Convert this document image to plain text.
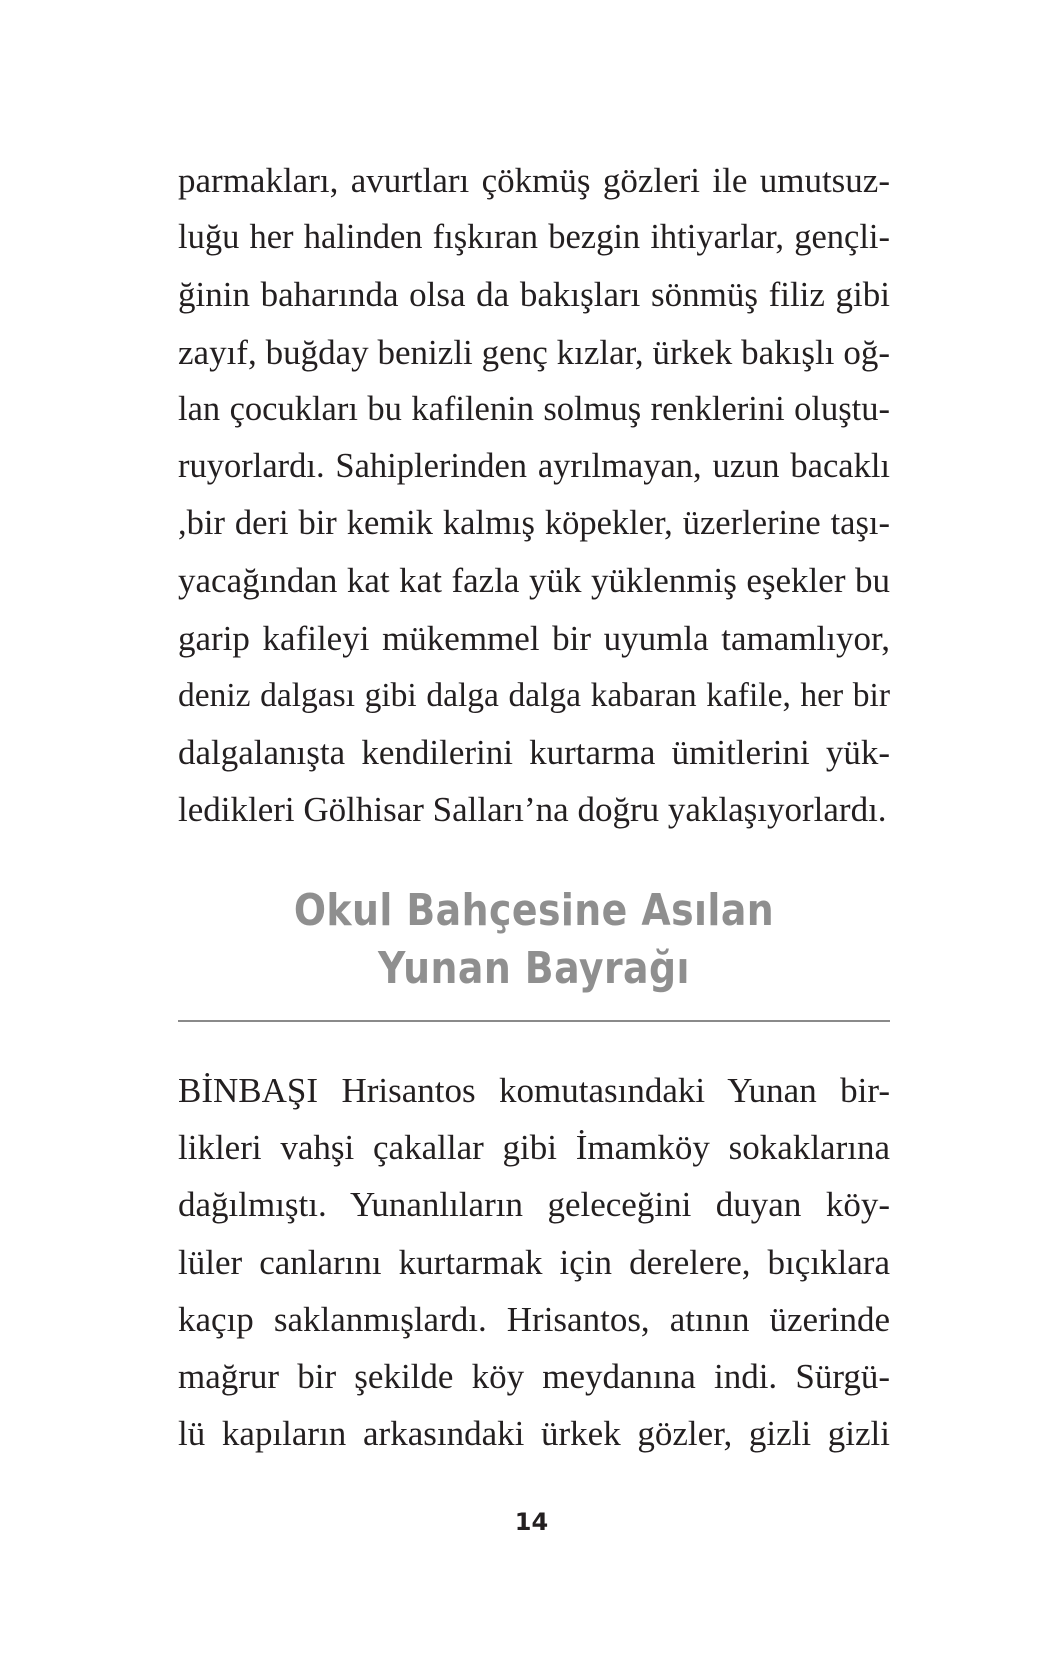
parmakları, avurtları çökmüş gözleri ile umutsuz-
luğu her halinden fışkıran bezgin ihtiyarlar, gençli-
ğinin baharında olsa da bakışları sönmüş filiz gibi
zayıf, buğday benizli genç kızlar, ürkek bakışlı oğ-
lan çocukları bu kafilenin solmuş renklerini oluştu-
ruyorlardı. Sahiplerinden ayrılmayan, uzun bacaklı
,bir deri bir kemik kalmış köpekler, üzerlerine taşı-
yacağından kat kat fazla yük yüklenmiş eşekler bu
garip kafileyi mükemmel bir uyumla tamamlıyor,
deniz dalgası gibi dalga dalga kabaran kafile, her bir
dalgalanışta kendilerini kurtarma ümitlerini yük-
ledikleri Gölhisar Salları’na doğru yaklaşıyorlardı.
Okul Bahçesine Asılan
Yunan Bayrağı
BİNBAŞI Hrisantos komutasındaki Yunan bir-
likleri vahşi çakallar gibi İmamköy sokaklarına
dağılmıştı. Yunanlıların geleceğini duyan köy-
lüler canlarını kurtarmak için derelere, bıçıklara
kaçıp saklanmışlardı. Hrisantos, atının üzerinde
mağrur bir şekilde köy meydanına indi. Sürgü-
lü kapıların arkasındaki ürkek gözler, gizli gizli
14
